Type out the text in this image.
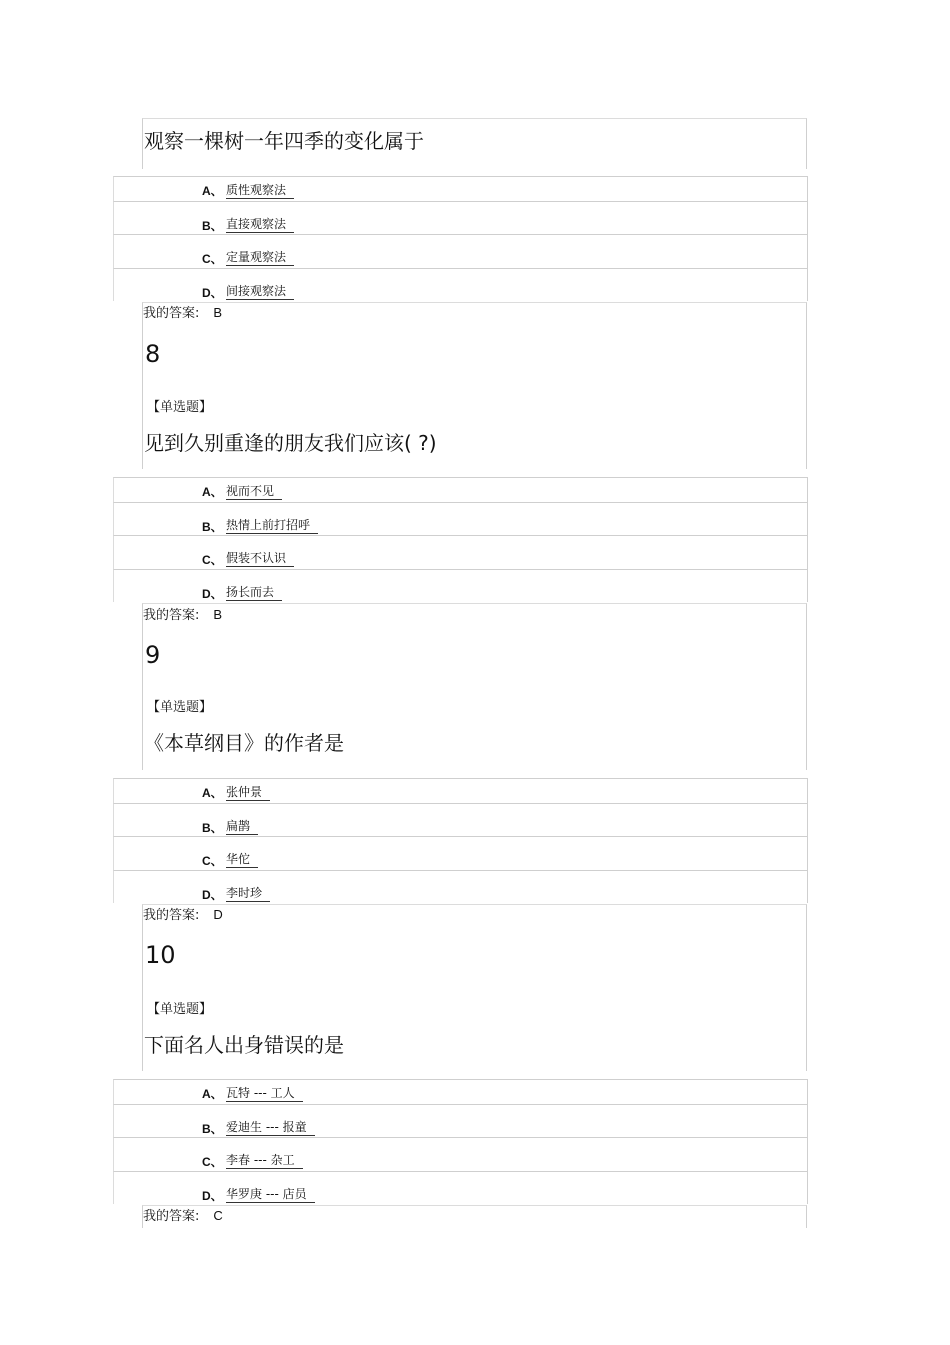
观察一棵树一年四季的变化属于
A、 质性观察法
B、 直接观察法
C、 定量观察法
D、 间接观察法
我的答案: B
8
【单选题】
见到久别重逢的朋友我们应该( ?)
A、 视而不见
B、 热情上前打招呼
C、 假装不认识
D、 扬长而去
我的答案: B
9
【单选题】
《本草纲目》的作者是
A、 张仲景
B、 扁鹊
C、 华佗
D、 李时珍
我的答案: D
10
【单选题】
下面名人出身错误的是
A、 瓦特 --- 工人
B、 爱迪生 --- 报童
C、 李春 --- 杂工
D、 华罗庚 --- 店员
我的答案: C
